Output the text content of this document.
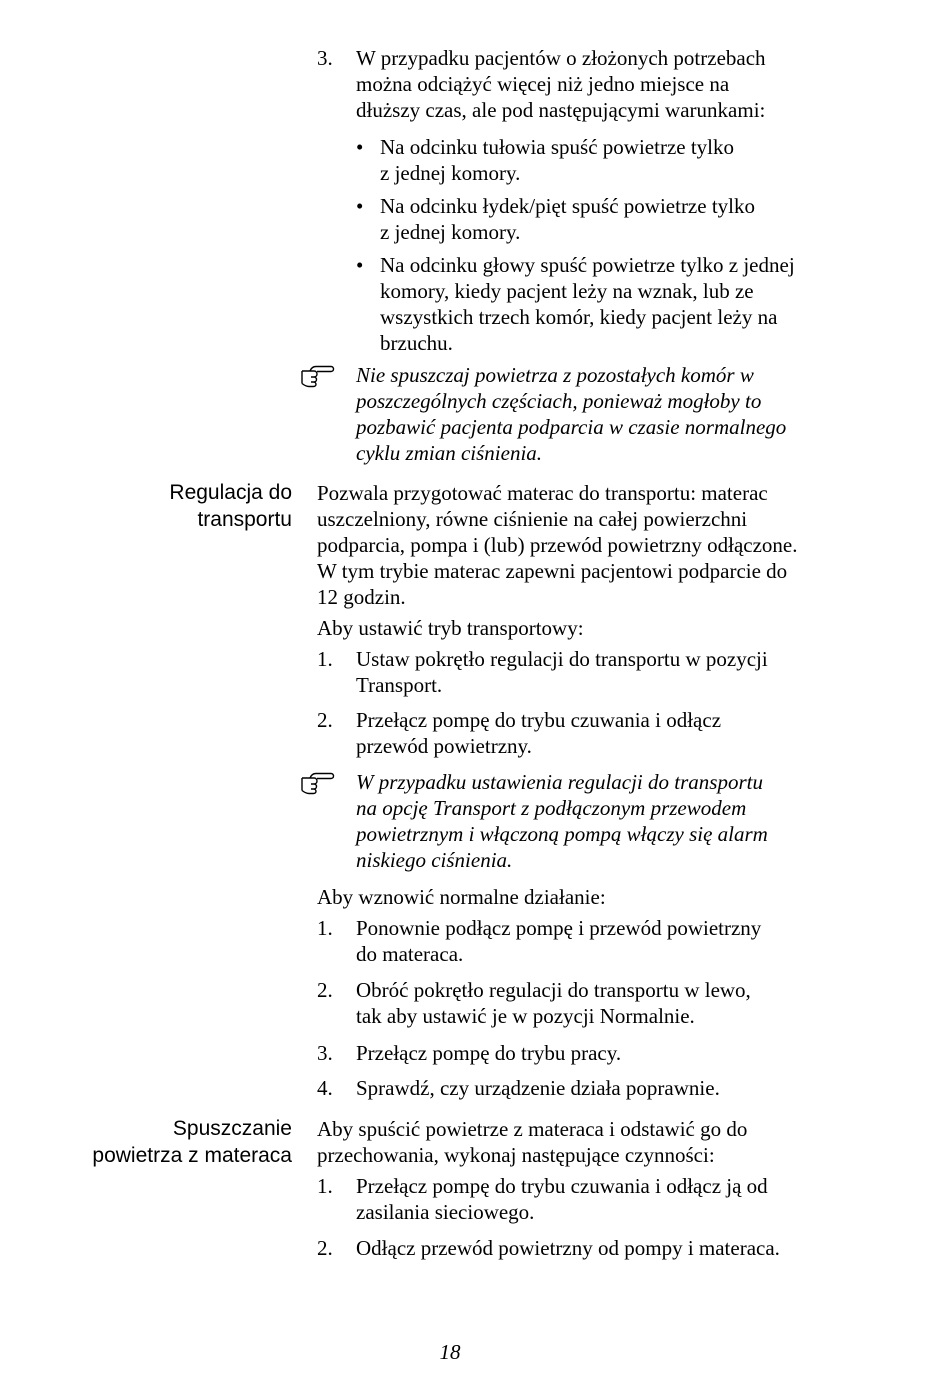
3. W przypadku pacjentów o złożonych potrzebach
można odciążyć więcej niż jedno miejsce na
dłuższy czas, ale pod następującymi warunkami:
• Na odcinku tułowia spuść powietrze tylko
z jednej komory.
• Na odcinku łydek/pięt spuść powietrze tylko
z jednej komory.
• Na odcinku głowy spuść powietrze tylko z jednej
komory, kiedy pacjent leży na wznak, lub ze
wszystkich trzech komór, kiedy pacjent leży na
brzuchu.
Nie spuszczaj powietrza z pozostałych komór w
poszczególnych częściach, ponieważ mogłoby to
pozbawić pacjenta podparcia w czasie normalnego
cyklu zmian ciśnienia.
Regulacja do
transportu
Pozwala przygotować materac do transportu: materac
uszczelniony, równe ciśnienie na całej powierzchni
podparcia, pompa i (lub) przewód powietrzny odłączone.
W tym trybie materac zapewni pacjentowi podparcie do
12 godzin.
Aby ustawić tryb transportowy:
1. Ustaw pokrętło regulacji do transportu w pozycji
Transport.
2. Przełącz pompę do trybu czuwania i odłącz
przewód powietrzny.
W przypadku ustawienia regulacji do transportu
na opcję Transport z podłączonym przewodem
powietrznym i włączoną pompą włączy się alarm
niskiego ciśnienia.
Aby wznowić normalne działanie:
1. Ponownie podłącz pompę i przewód powietrzny
do materaca.
2. Obróć pokrętło regulacji do transportu w lewo,
tak aby ustawić je w pozycji Normalnie.
3. Przełącz pompę do trybu pracy.
4. Sprawdź, czy urządzenie działa poprawnie.
Spuszczanie
powietrza z materaca
Aby spuścić powietrze z materaca i odstawić go do
przechowania, wykonaj następujące czynności:
1. Przełącz pompę do trybu czuwania i odłącz ją od
zasilania sieciowego.
2. Odłącz przewód powietrzny od pompy i materaca.
18
